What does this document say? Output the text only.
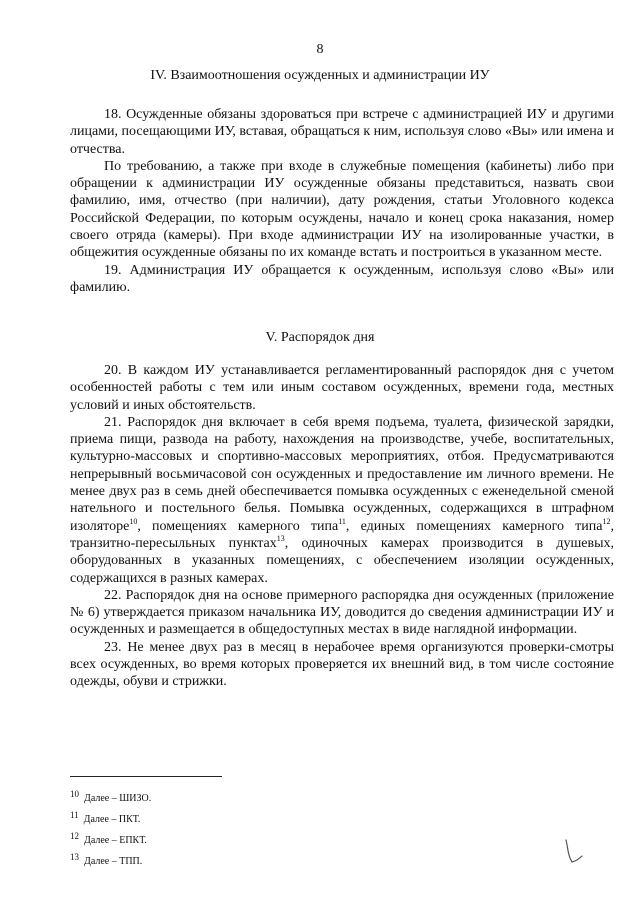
8
IV. Взаимоотношения осужденных и администрации ИУ

18. Осужденные обязаны здороваться при встрече с администрацией ИУ и другими лицами, посещающими ИУ, вставая, обращаться к ним, используя слово «Вы» или имена и отчества.

По требованию, а также при входе в служебные помещения (кабинеты) либо при обращении к администрации ИУ осужденные обязаны представиться, назвать свои фамилию, имя, отчество (при наличии), дату рождения, статьи Уголовного кодекса Российской Федерации, по которым осуждены, начало и конец срока наказания, номер своего отряда (камеры). При входе администрации ИУ на изолированные участки, в общежития осужденные обязаны по их команде встать и построиться в указанном месте.

19. Администрация ИУ обращается к осужденным, используя слово «Вы» или фамилию.

V. Распорядок дня

20. В каждом ИУ устанавливается регламентированный распорядок дня с учетом особенностей работы с тем или иным составом осужденных, времени года, местных условий и иных обстоятельств.

21. Распорядок дня включает в себя время подъема, туалета, физической зарядки, приема пищи, развода на работу, нахождения на производстве, учебе, воспитательных, культурно-массовых и спортивно-массовых мероприятиях, отбоя. Предусматриваются непрерывный восьмичасовой сон осужденных и предоставление им личного времени. Не менее двух раз в семь дней обеспечивается помывка осужденных с еженедельной сменой нательного и постельного белья. Помывка осужденных, содержащихся в штрафном изоляторе$^{10}$, помещениях камерного типа$^{11}$, единых помещениях камерного типа$^{12}$, транзитно-пересыльных пунктах$^{13}$, одиночных камерах производится в душевых, оборудованных в указанных помещениях, с обеспечением изоляции осужденных, содержащихся в разных камерах.

22. Распорядок дня на основе примерного распорядка дня осужденных (приложение № 6) утверждается приказом начальника ИУ, доводится до сведения администрации ИУ и осужденных и размещается в общедоступных местах в виде наглядной информации.

23. Не менее двух раз в месяц в нерабочее время организуются проверки-смотры всех осужденных, во время которых проверяется их внешний вид, в том числе состояние одежды, обуви и стрижки.

10 Далее – ШИЗО.
11 Далее – ПКТ.
12 Далее – ЕПКТ.
13 Далее – ТПП.
